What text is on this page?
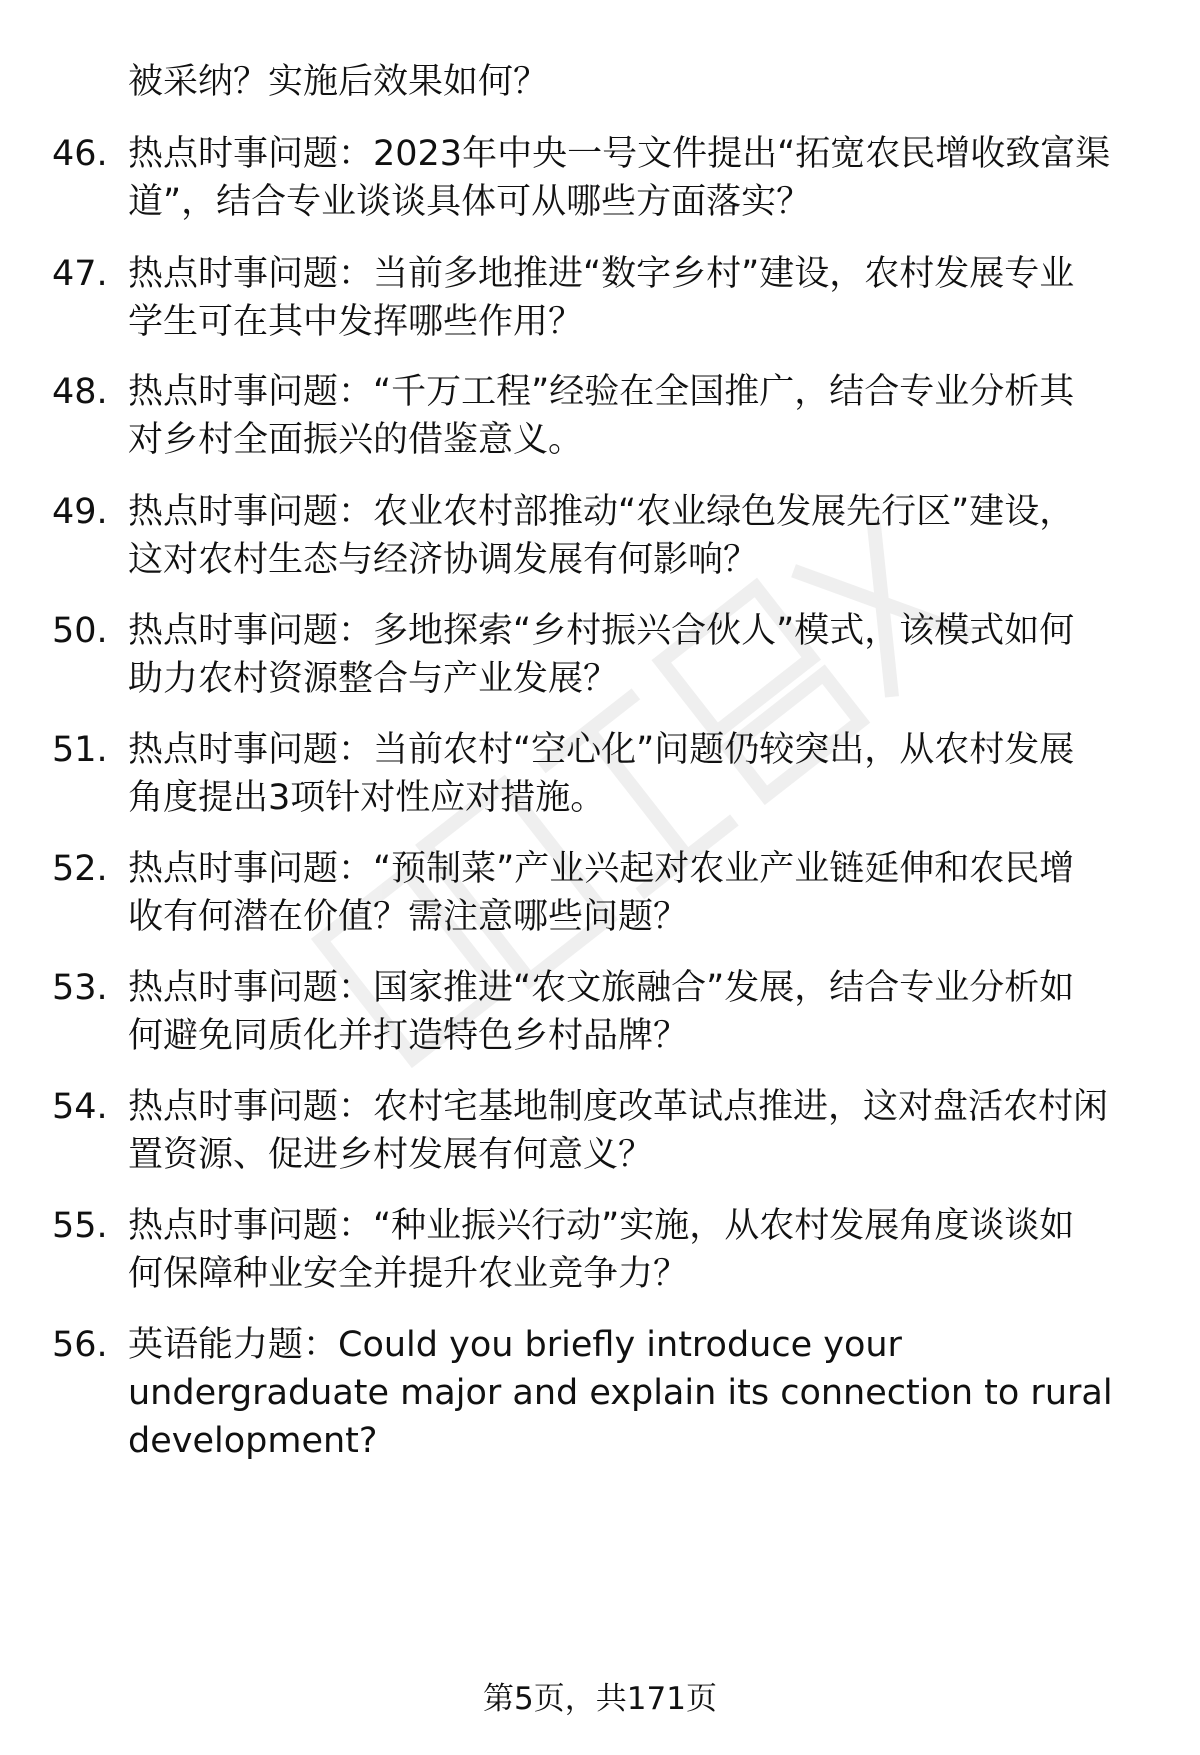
被采纳？实施后效果如何？
46. 热点时事问题：2023年中央一号文件提出“拓宽农民增收致富渠
道”，结合专业谈谈具体可从哪些方面落实？
47. 热点时事问题：当前多地推进“数字乡村”建设，农村发展专业
学生可在其中发挥哪些作用？
48. 热点时事问题：“千万工程”经验在全国推广，结合专业分析其
对乡村全面振兴的借鉴意义。
49. 热点时事问题：农业农村部推动“农业绿色发展先行区”建设，
这对农村生态与经济协调发展有何影响？
50. 热点时事问题：多地探索“乡村振兴合伙人”模式，该模式如何
助力农村资源整合与产业发展？
51. 热点时事问题：当前农村“空心化”问题仍较突出，从农村发展
角度提出3项针对性应对措施。
52. 热点时事问题：“预制菜”产业兴起对农业产业链延伸和农民增
收有何潜在价值？需注意哪些问题？
53. 热点时事问题：国家推进“农文旅融合”发展，结合专业分析如
何避免同质化并打造特色乡村品牌？
54. 热点时事问题：农村宅基地制度改革试点推进，这对盘活农村闲
置资源、促进乡村发展有何意义？
55. 热点时事问题：“种业振兴行动”实施，从农村发展角度谈谈如
何保障种业安全并提升农业竞争力？
56. 英语能力题：Could you briefly introduce your
undergraduate major and explain its connection to rural
development?
第5页，共171页
